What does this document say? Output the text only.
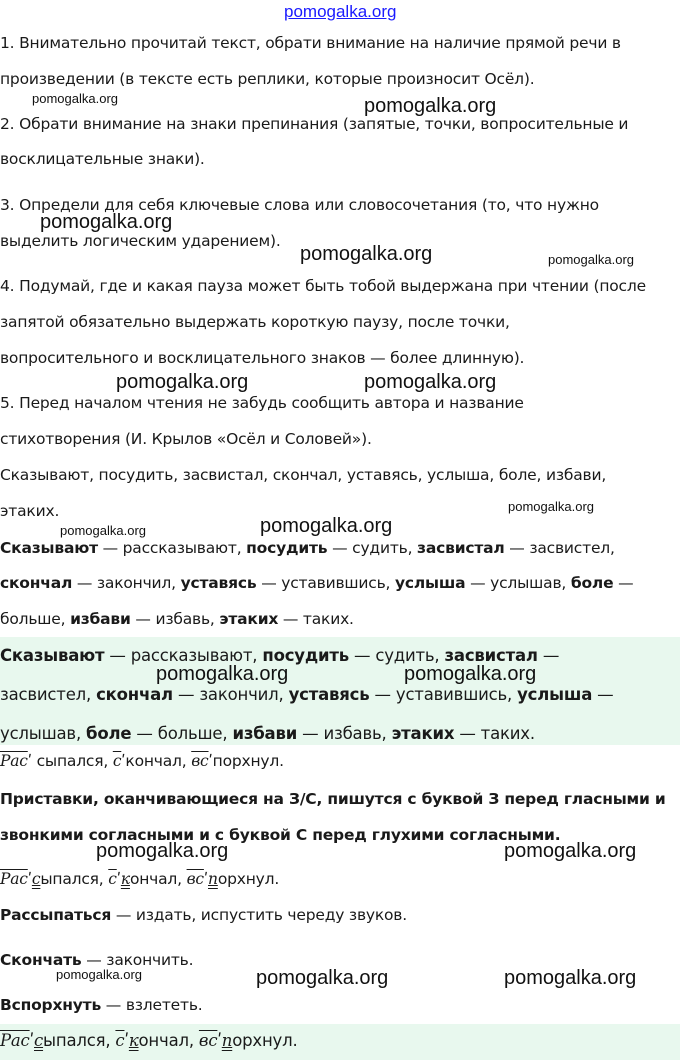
pomogalka.org
1. Внимательно прочитай текст, обрати внимание на наличие прямой речи в
произведении (в тексте есть реплики, которые произносит Осёл).
2. Обрати внимание на знаки препинания (запятые, точки, вопросительные и
восклицательные знаки).
3. Определи для себя ключевые слова или словосочетания (то, что нужно
выделить логическим ударением).
4. Подумай, где и какая пауза может быть тобой выдержана при чтении (после
запятой обязательно выдержать короткую паузу, после точки,
вопросительного и восклицательного знаков — более длинную).
5. Перед началом чтения не забудь сообщить автора и название
стихотворения (И. Крылов «Осёл и Соловей»).
Сказывают, посудить, засвистал, скончал, уставясь, услыша, боле, избави,
этаких.
Сказывают — рассказывают, посудить — судить, засвистал — засвистел,
скончал — закончил, уставясь — уставившись, услыша — услышав, боле —
больше, избави — избавь, этаких — таких.
Сказывают — рассказывают, посудить — судить, засвистал —
засвистел, скончал — закончил, уставясь — уставившись, услыша —
услышав, боле — больше, избави — избавь, этаких — таких.
Расʹ сыпался, сʹкончал, всʹпорхнул.
Приставки, оканчивающиеся на З/С, пишутся с буквой З перед гласными и
звонкими согласными и с буквой С перед глухими согласными.
Расʹсыпался, сʹкончал, всʹпорхнул.
Рассыпаться — издать, испустить череду звуков.
Скончать — закончить.
Вспорхнуть — взлететь.
Расʹсыпался, сʹкончал, всʹпорхнул.
pomogalka.org	pomogalka.org
pomogalka.org
pomogalka.org	pomogalka.org
pomogalka.org	pomogalka.org
pomogalka.org
pomogalka.org	pomogalka.org
pomogalka.org	pomogalka.org
pomogalka.org	pomogalka.org
pomogalka.org	pomogalka.org	pomogalka.org
